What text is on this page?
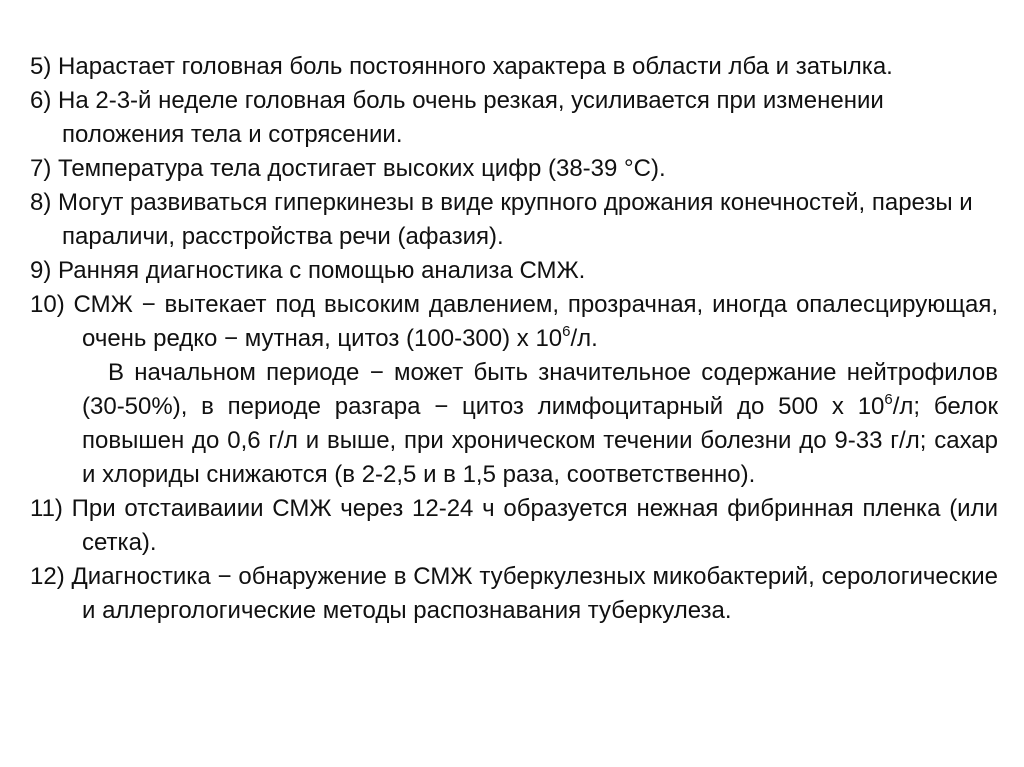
5) Нарастает головная боль постоянного характера в области лба и затылка.

6) На 2-3-й неделе головная боль очень резкая, усиливается при изменении положения тела и сотрясении.

7) Температура тела достигает высоких цифр (38-39 °С).

8) Могут развиваться гиперкинезы в виде крупного дрожания конечностей, парезы и параличи, расстройства речи (афазия).

9) Ранняя диагностика с помощью анализа СМЖ.

10) СМЖ − вытекает под высоким давлением, прозрачная, иногда опалесцирующая, очень редко − мутная, цитоз (100-300) х $10^6/л$.

В начальном периоде − может быть значительное содержание нейтрофилов (30-50%), в периоде разгара − цитоз лимфоцитарный до 500 х $10^6/л$; белок повышен до 0,6 г/л и выше, при хроническом течении болезни до 9-33 г/л; сахар и хлориды снижаются (в 2-2,5 и в 1,5 раза, соответственно).

11) При отстаиваиии СМЖ через 12-24 ч образуется нежная фибринная пленка (или сетка).

12) Диагностика − обнаружение в СМЖ туберкулезных микобактерий, серологические и аллергологические методы распознавания туберкулеза.
